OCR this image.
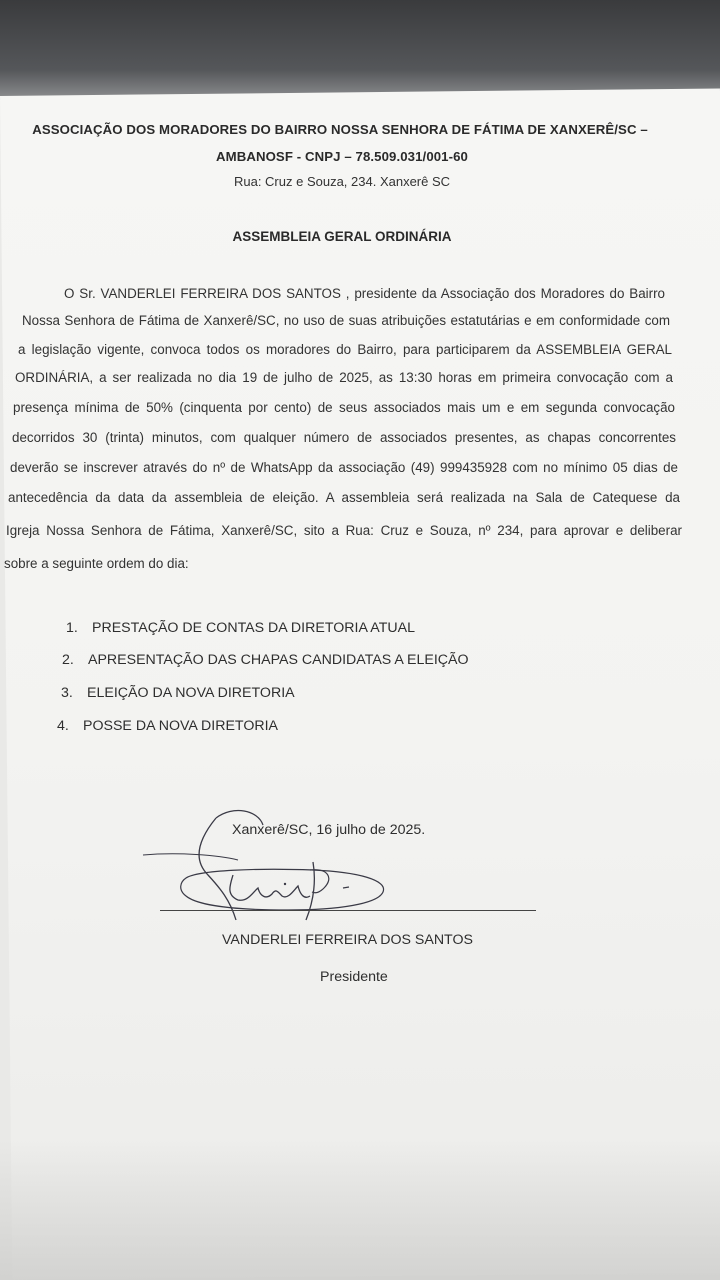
ASSOCIAÇÃO DOS MORADORES DO BAIRRO NOSSA SENHORA DE FÁTIMA DE XANXERÊ/SC –
AMBANOSF - CNPJ – 78.509.031/001-60
Rua: Cruz e Souza, 234. Xanxerê SC
ASSEMBLEIA GERAL ORDINÁRIA
O Sr. VANDERLEI FERREIRA DOS SANTOS , presidente da Associação dos Moradores do Bairro
Nossa Senhora de Fátima de Xanxerê/SC, no uso de suas atribuições estatutárias e em conformidade com
a legislação vigente, convoca todos os moradores do Bairro, para participarem da ASSEMBLEIA GERAL
ORDINÁRIA, a ser realizada no dia 19 de julho de 2025, as 13:30 horas em primeira convocação com a
presença mínima de 50% (cinquenta por cento) de seus associados mais um e em segunda convocação
decorridos 30 (trinta) minutos, com qualquer número de associados presentes, as chapas concorrentes
deverão se inscrever através do nº de WhatsApp da associação (49) 999435928 com no mínimo 05 dias de
antecedência da data da assembleia de eleição. A assembleia será realizada na Sala de Catequese da
Igreja Nossa Senhora de Fátima, Xanxerê/SC, sito a Rua: Cruz e Souza, nº 234, para aprovar e deliberar
sobre a seguinte ordem do dia:
1. PRESTAÇÃO DE CONTAS DA DIRETORIA ATUAL
2. APRESENTAÇÃO DAS CHAPAS CANDIDATAS A ELEIÇÃO
3. ELEIÇÃO DA NOVA DIRETORIA
4. POSSE DA NOVA DIRETORIA
Xanxerê/SC, 16 julho de 2025.
VANDERLEI FERREIRA DOS SANTOS
Presidente
